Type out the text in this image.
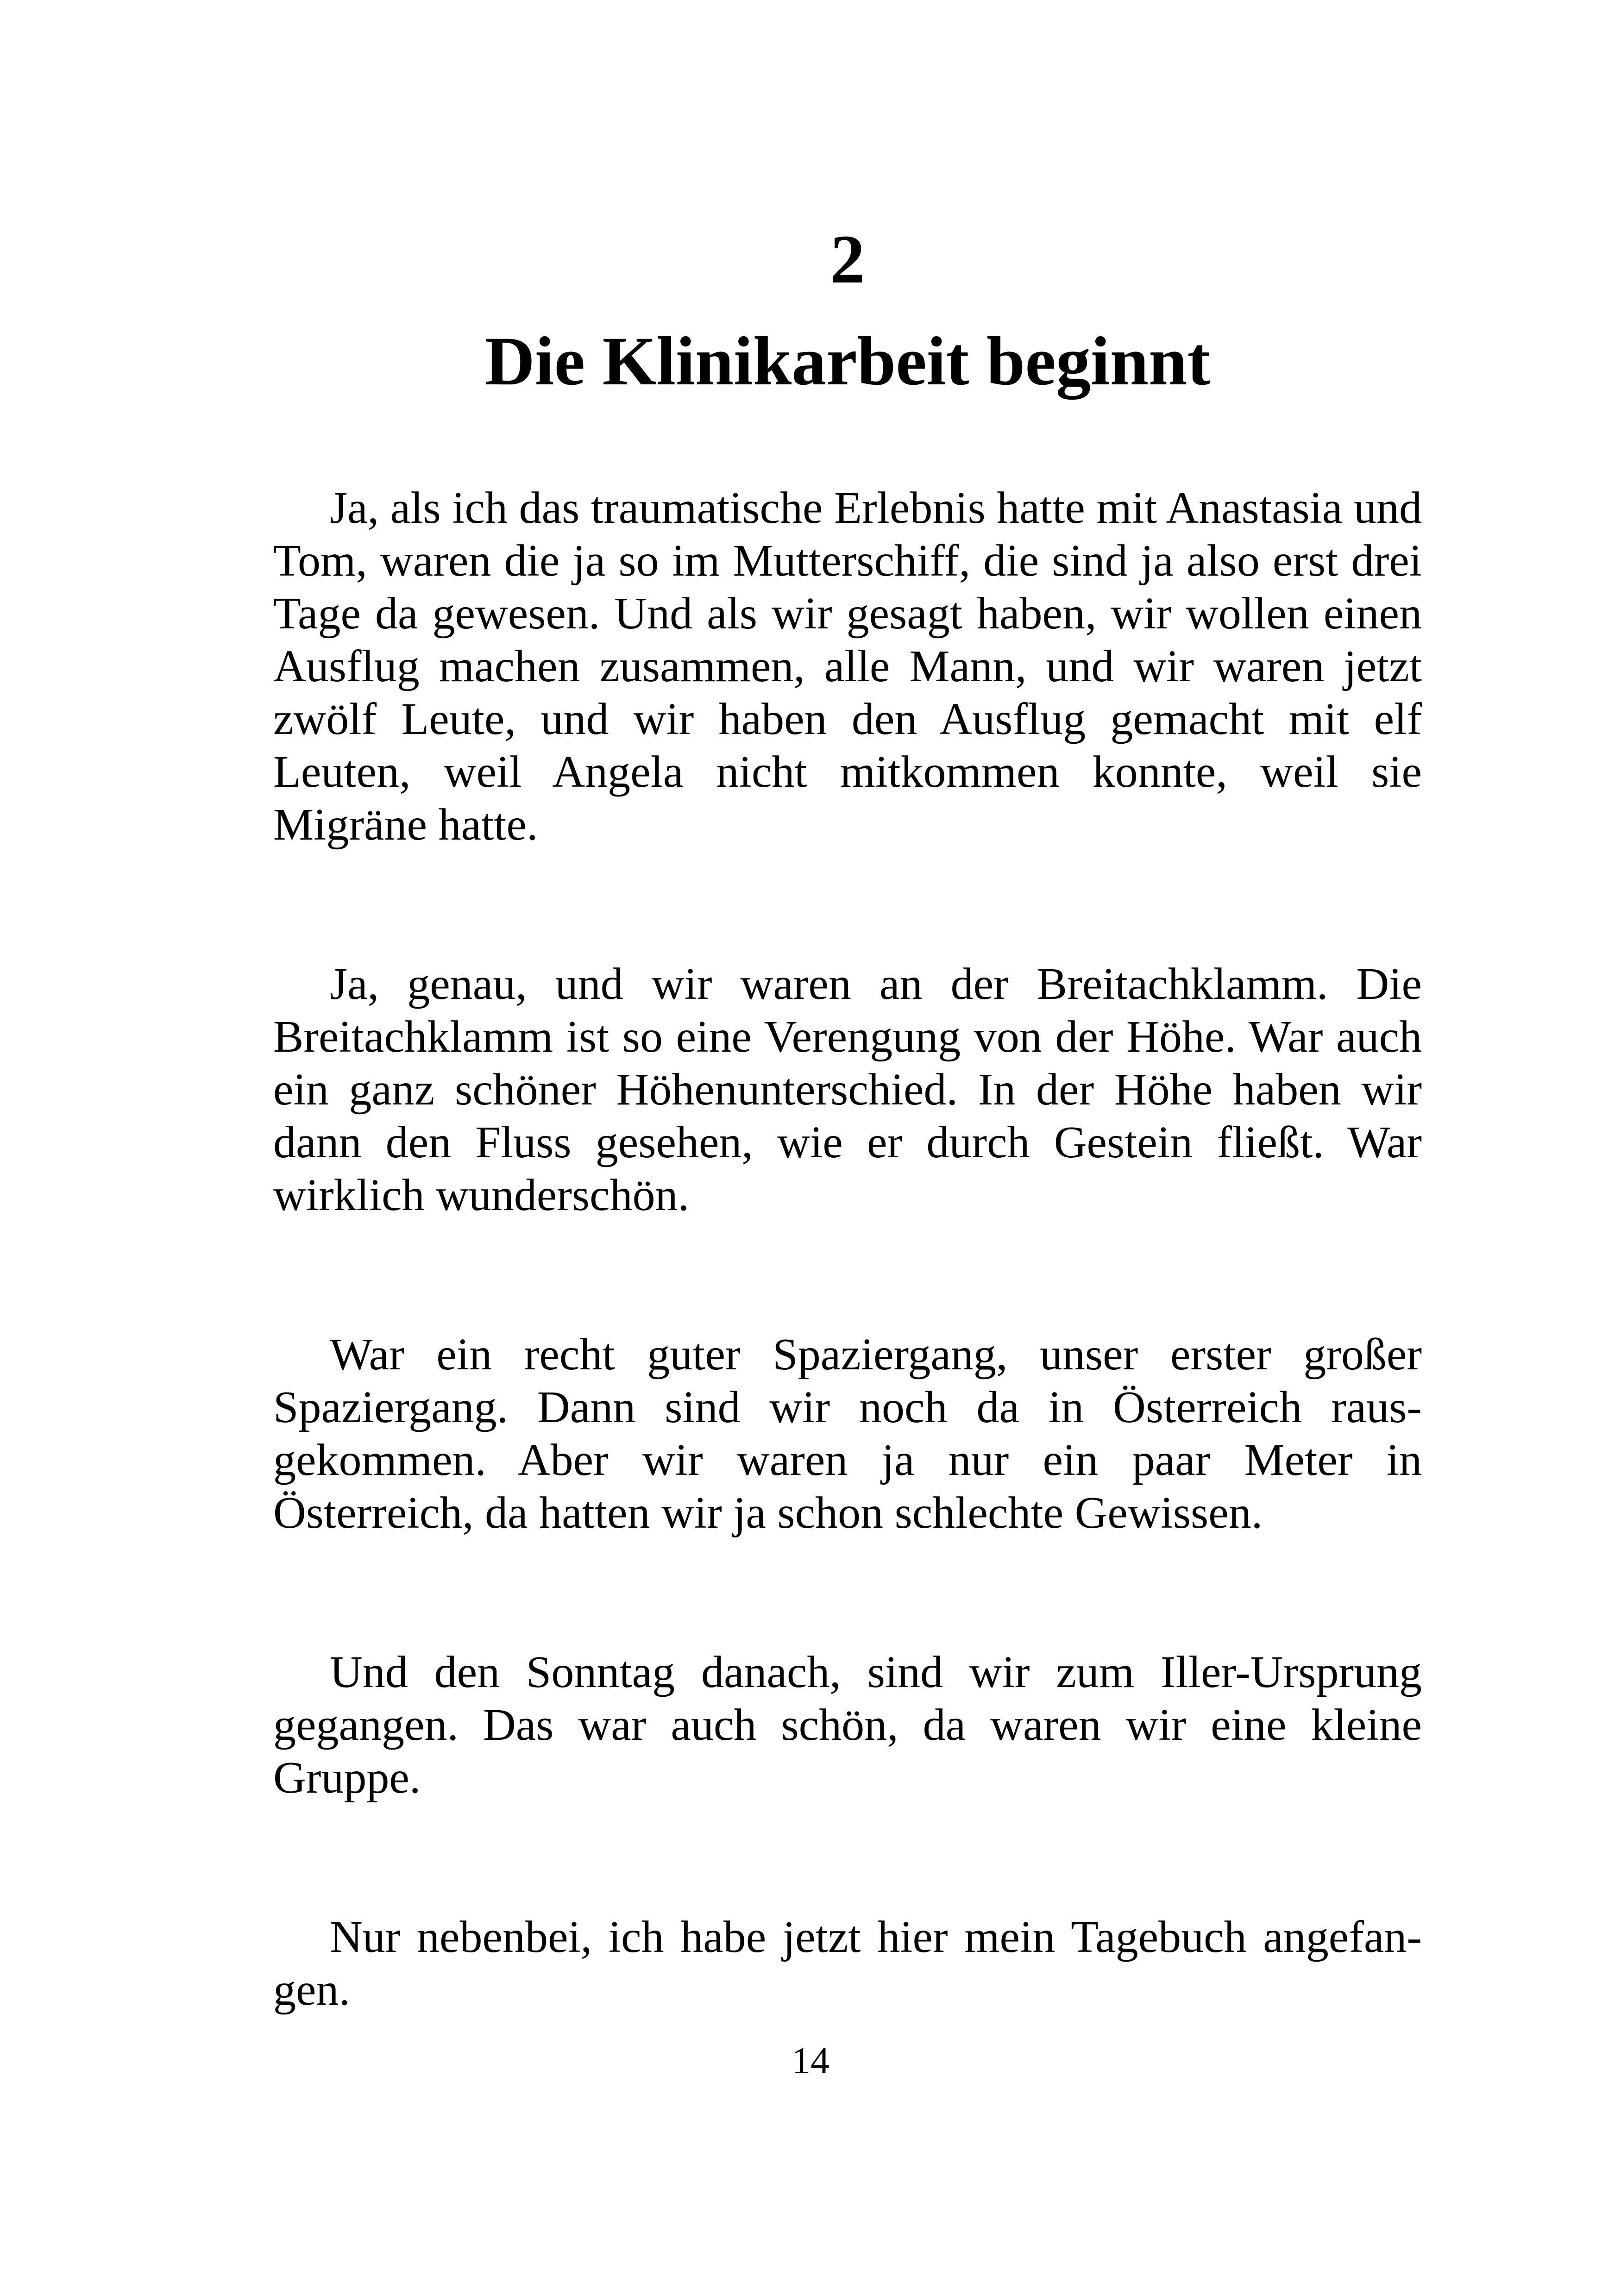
2
Die Klinikarbeit beginnt

Ja, als ich das traumatische Erlebnis hatte mit Anastasia und Tom, waren die ja so im Mutterschiff, die sind ja also erst drei Tage da gewesen. Und als wir gesagt haben, wir wollen einen Ausflug machen zusammen, alle Mann, und wir waren jetzt zwölf Leute, und wir haben den Ausflug gemacht mit elf Leuten, weil Angela nicht mitkommen konnte, weil sie Migräne hatte.

Ja, genau, und wir waren an der Breitachklamm. Die Breitachklamm ist so eine Verengung von der Höhe. War auch ein ganz schöner Höhenunterschied. In der Höhe haben wir dann den Fluss gesehen, wie er durch Gestein fließt. War wirklich wunderschön.

War ein recht guter Spaziergang, unser erster großer Spaziergang. Dann sind wir noch da in Österreich raus-gekommen. Aber wir waren ja nur ein paar Meter in Österreich, da hatten wir ja schon schlechte Gewissen.

Und den Sonntag danach, sind wir zum Iller-Ursprung gegangen. Das war auch schön, da waren wir eine kleine Gruppe.

Nur nebenbei, ich habe jetzt hier mein Tagebuch angefan-gen.

14
